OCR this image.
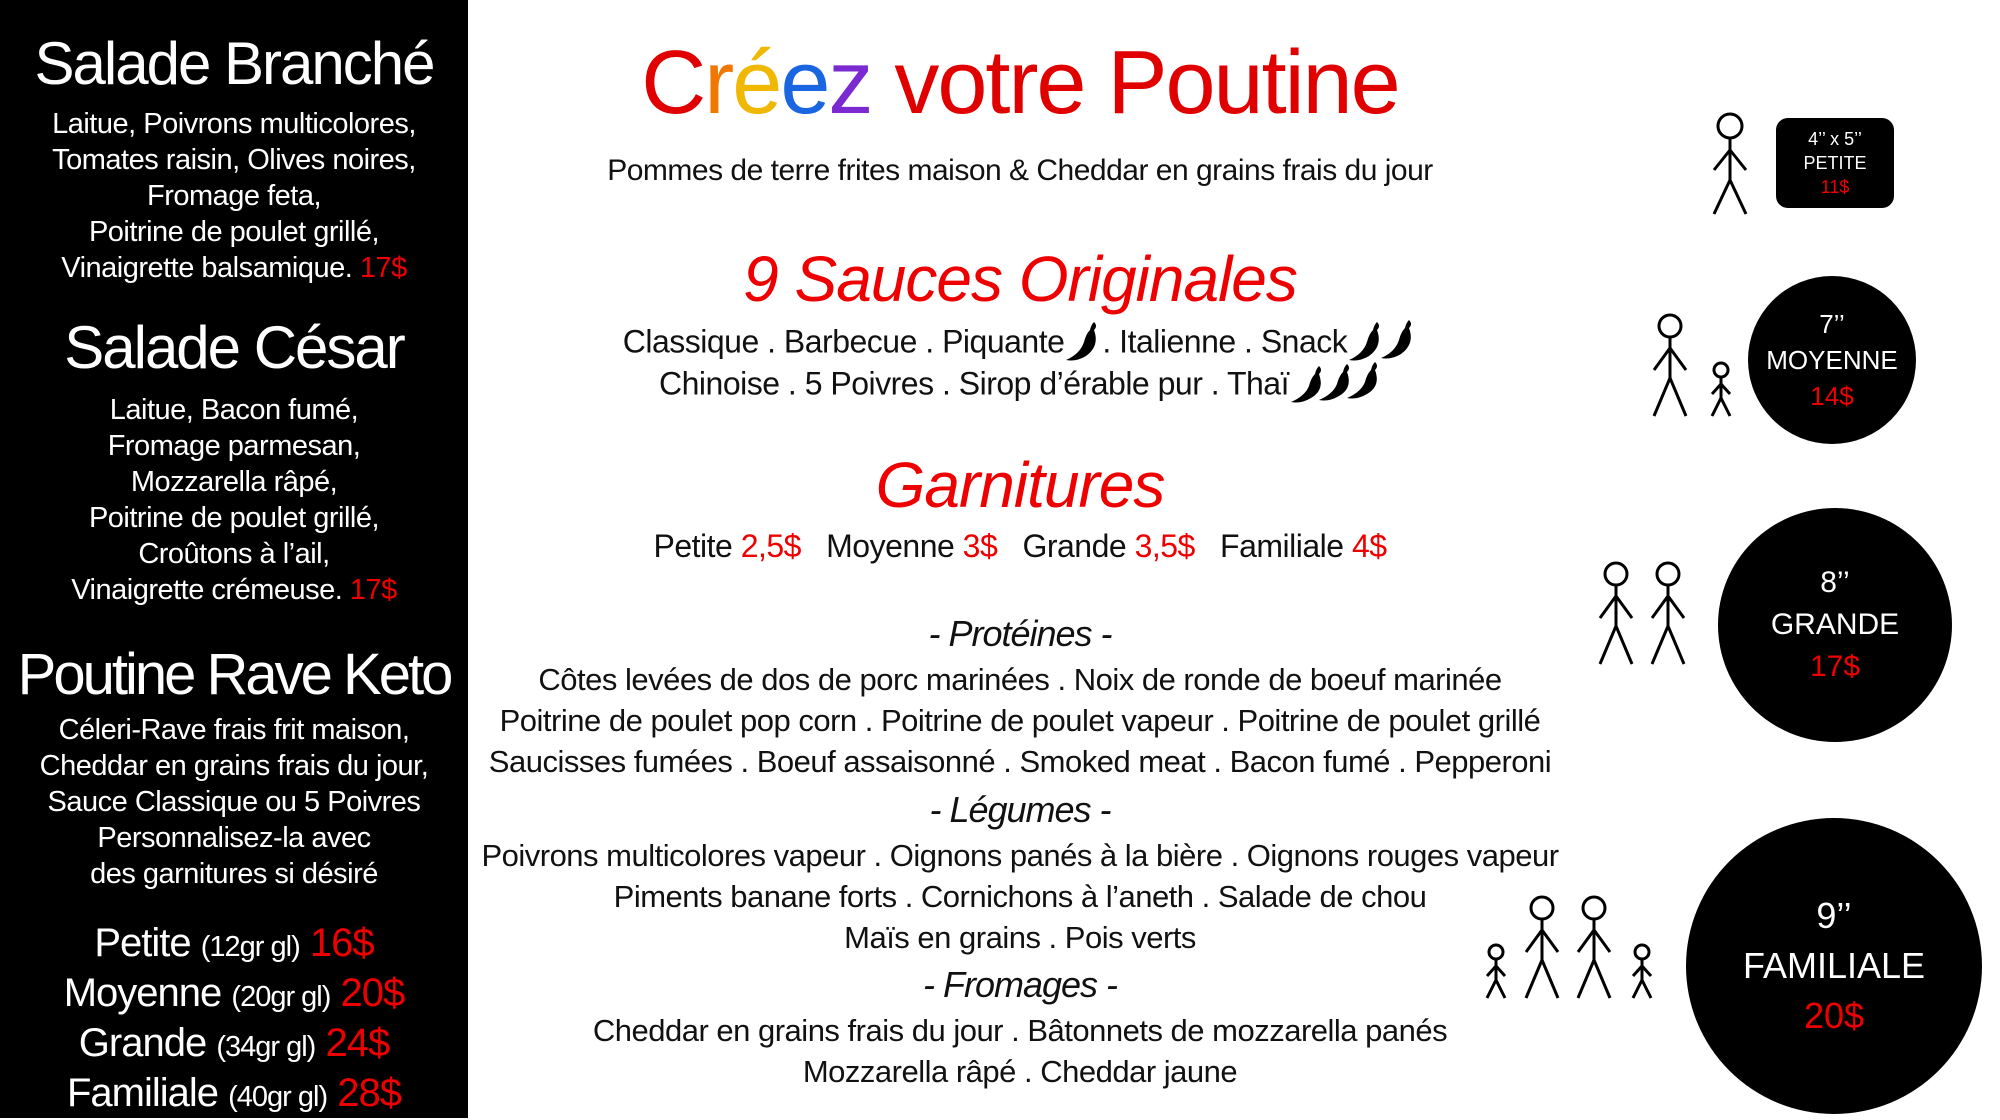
Salade Branché
Laitue, Poivrons multicolores,
Tomates raisin, Olives noires,
Fromage feta,
Poitrine de poulet grillé,
Vinaigrette balsamique. 17$
Salade César
Laitue, Bacon fumé,
Fromage parmesan,
Mozzarella râpé,
Poitrine de poulet grillé,
Croûtons à l’ail,
Vinaigrette crémeuse. 17$
Poutine Rave Keto
Céleri-Rave frais frit maison,
Cheddar en grains frais du jour,
Sauce Classique ou 5 Poivres
Personnalisez-la avec
des garnitures si désiré
Petite (12gr gl) 16$
Moyenne (20gr gl) 20$
Grande (34gr gl) 24$
Familiale (40gr gl) 28$
Créez votre Poutine
Pommes de terre frites maison & Cheddar en grains frais du jour
9 Sauces Originales
Classique . Barbecue . Piquante . Italienne . Snack
Chinoise . 5 Poivres . Sirop d’érable pur . Thaï
Garnitures
Petite 2,5$ Moyenne 3$ Grande 3,5$ Familiale 4$
- Protéines -
Côtes levées de dos de porc marinées . Noix de ronde de boeuf marinée
Poitrine de poulet pop corn . Poitrine de poulet vapeur . Poitrine de poulet grillé
Saucisses fumées . Boeuf assaisonné . Smoked meat . Bacon fumé . Pepperoni
- Légumes -
Poivrons multicolores vapeur . Oignons panés à la bière . Oignons rouges vapeur
Piments banane forts . Cornichons à l’aneth . Salade de chou
Maïs en grains . Pois verts
- Fromages -
Cheddar en grains frais du jour . Bâtonnets de mozzarella panés
Mozzarella râpé . Cheddar jaune
4’’ x 5’’
PETITE
11$
7’’
MOYENNE
14$
8’’
GRANDE
17$
9’’
FAMILIALE
20$
